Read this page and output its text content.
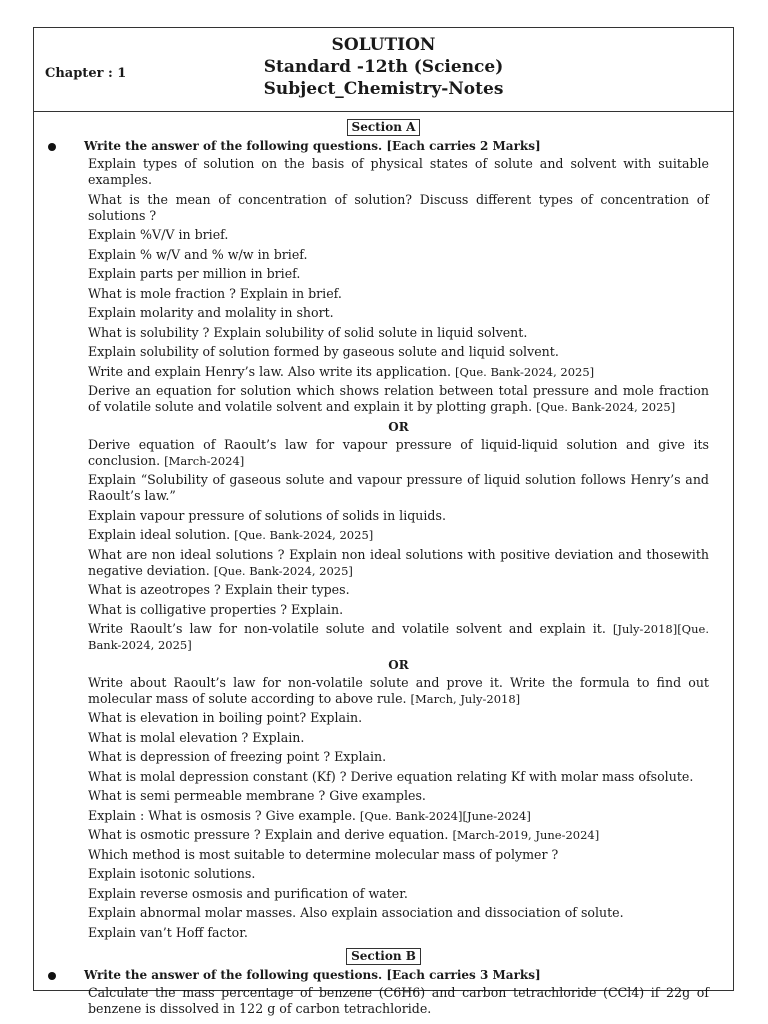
Chapter : 1
SOLUTION
Standard -12th (Science)
Subject_Chemistry-Notes
Section A
Write the answer of the following questions. [Each carries 2 Marks]
Explain types of solution on the basis of physical states of solute and solvent with suitable examples.
What is the mean of concentration of solution? Discuss different types of concentration of solutions ?
Explain %V/V in brief.
Explain % w/V and % w/w in brief.
Explain parts per million in brief.
What is mole fraction ? Explain in brief.
Explain molarity and molality in short.
What is solubility ? Explain solubility of solid solute in liquid solvent.
Explain solubility of solution formed by gaseous solute and liquid solvent.
Write and explain Henry’s law. Also write its application. [Que. Bank-2024, 2025]
Derive an equation for solution which shows relation between total pressure and mole fraction of volatile solute and volatile solvent and explain it by plotting graph. [Que. Bank-2024, 2025]
OR
Derive equation of Raoult’s law for vapour pressure of liquid-liquid solution and give its conclusion. [March-2024]
Explain “Solubility of gaseous solute and vapour pressure of liquid solution follows Henry’s and Raoult’s law.”
Explain vapour pressure of solutions of solids in liquids.
Explain ideal solution. [Que. Bank-2024, 2025]
What are non ideal solutions ? Explain non ideal solutions with positive deviation and thosewith negative deviation. [Que. Bank-2024, 2025]
What is azeotropes ? Explain their types.
What is colligative properties ? Explain.
Write Raoult’s law for non-volatile solute and volatile solvent and explain it. [July-2018][Que. Bank-2024, 2025]
OR
Write about Raoult’s law for non-volatile solute and prove it. Write the formula to find out molecular mass of solute according to above rule. [March, July-2018]
What is elevation in boiling point? Explain.
What is molal elevation ? Explain.
What is depression of freezing point ? Explain.
What is molal depression constant (Kf) ? Derive equation relating Kf with molar mass ofsolute.
What is semi permeable membrane ? Give examples.
Explain : What is osmosis ? Give example. [Que. Bank-2024][June-2024]
What is osmotic pressure ? Explain and derive equation. [March-2019, June-2024]
Which method is most suitable to determine molecular mass of polymer ?
Explain isotonic solutions.
Explain reverse osmosis and purification of water.
Explain abnormal molar masses. Also explain association and dissociation of solute.
Explain van’t Hoff factor.
Section B
Write the answer of the following questions. [Each carries 3 Marks]
Calculate the mass percentage of benzene (C6H6) and carbon tetrachloride (CCl4) if 22g of benzene is dissolved in 122 g of carbon tetrachloride.
